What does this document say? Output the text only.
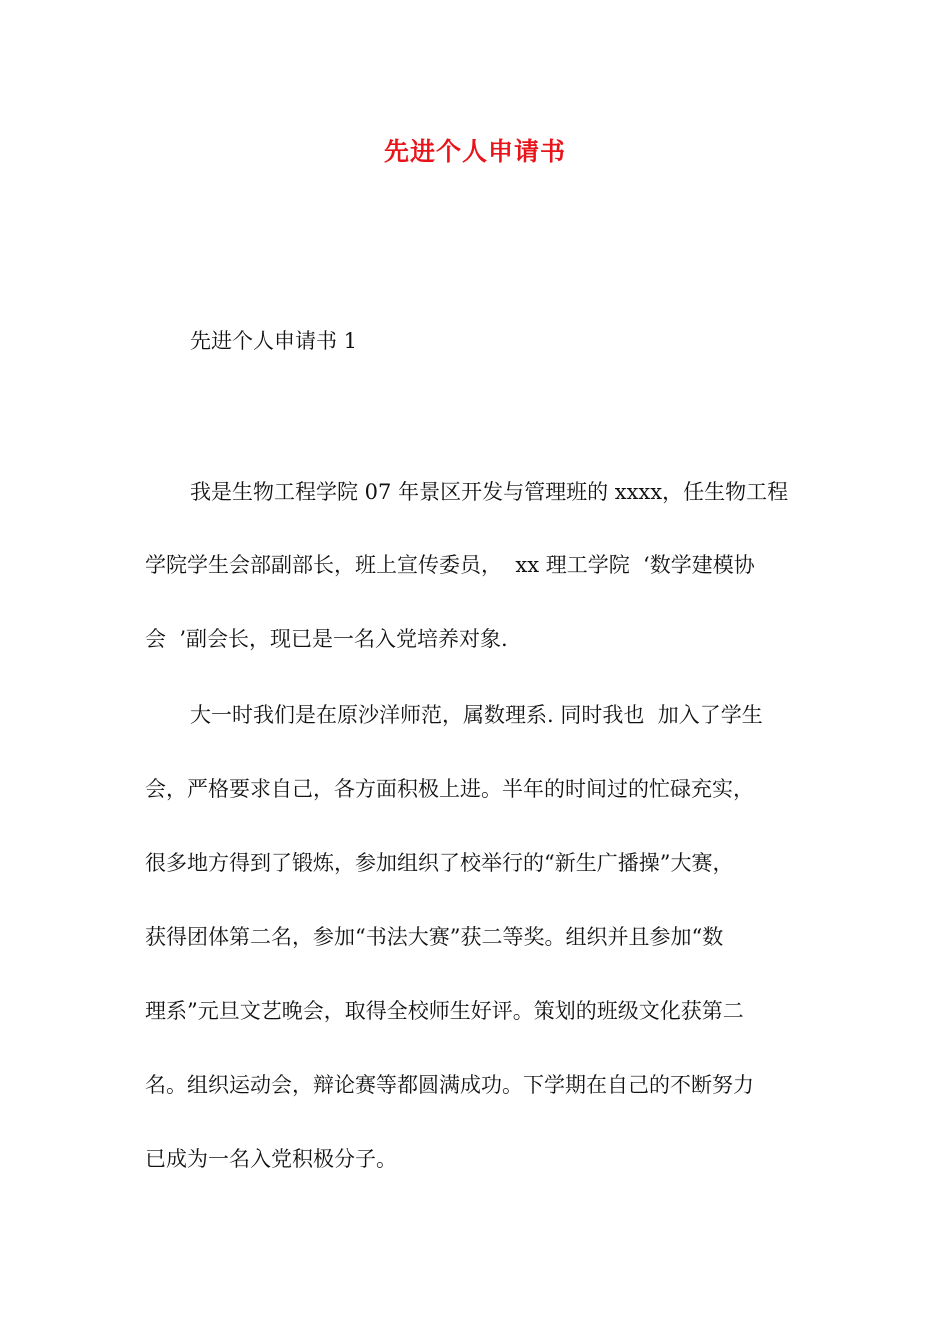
先进个人申请书
先进个人申请书 1
我是生物工程学院 07 年景区开发与管理班的 xxxx，任生物工程
学院学生会部副部长，班上宣传委员，  xx 理工学院  ‘数学建模协
会  ’副会长，现已是一名入党培养对象.
大一时我们是在原沙洋师范，属数理系. 同时我也  加入了学生
会，严格要求自己，各方面积极上进。半年的时间过的忙碌充实，
很多地方得到了锻炼，参加组织了校举行的“新生广播操”大赛，
获得团体第二名，参加“书法大赛”获二等奖。组织并且参加“数
理系”元旦文艺晚会，取得全校师生好评。策划的班级文化获第二
名。组织运动会，辩论赛等都圆满成功。下学期在自己的不断努力
已成为一名入党积极分子。
